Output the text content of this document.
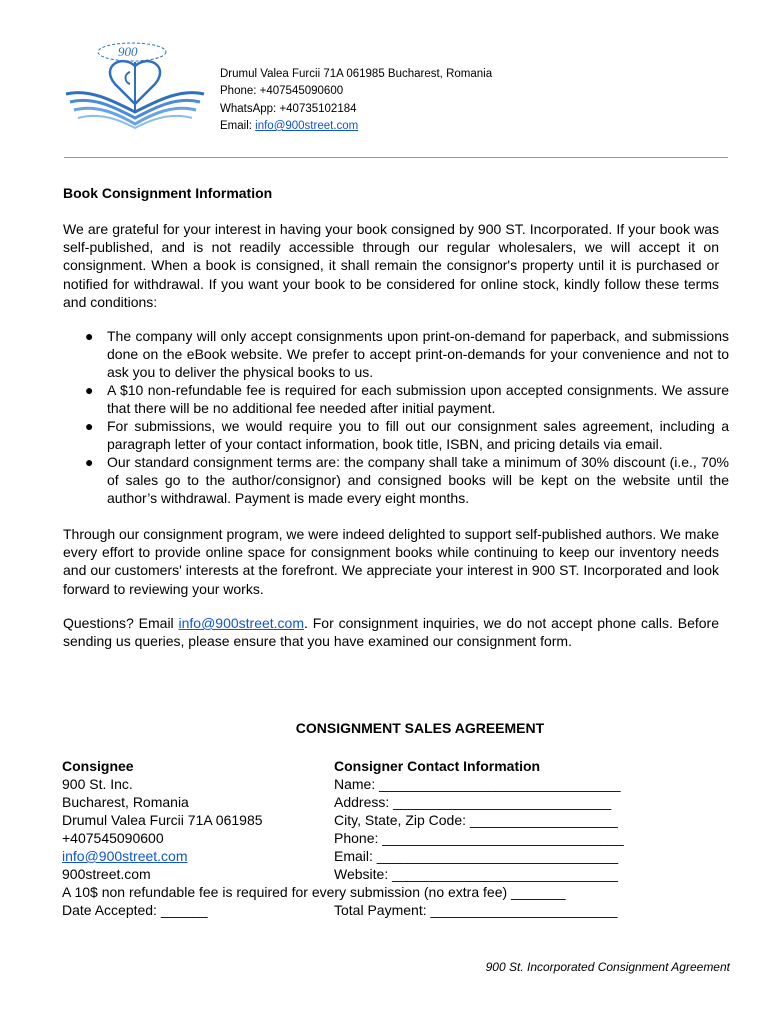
900
Drumul Valea Furcii 71A 061985 Bucharest, Romania
Phone: +407545090600
WhatsApp: +40735102184
Email: info@900street.com
Book Consignment Information

We are grateful for your interest in having your book consigned by 900 ST. Incorporated. If your book was self-published, and is not readily accessible through our regular wholesalers, we will accept it on consignment. When a book is consigned, it shall remain the consignor's property until it is purchased or notified for withdrawal. If you want your book to be considered for online stock, kindly follow these terms and conditions:

● The company will only accept consignments upon print-on-demand for paperback, and submissions done on the eBook website. We prefer to accept print-on-demands for your convenience and not to ask you to deliver the physical books to us.
● A $10 non-refundable fee is required for each submission upon accepted consignments. We assure that there will be no additional fee needed after initial payment.
● For submissions, we would require you to fill out our consignment sales agreement, including a paragraph letter of your contact information, book title, ISBN, and pricing details via email.
● Our standard consignment terms are: the company shall take a minimum of 30% discount (i.e., 70% of sales go to the author/consignor) and consigned books will be kept on the website until the author’s withdrawal. Payment is made every eight months.

Through our consignment program, we were indeed delighted to support self-published authors. We make every effort to provide online space for consignment books while continuing to keep our inventory needs and our customers' interests at the forefront. We appreciate your interest in 900 ST. Incorporated and look forward to reviewing your works.

Questions? Email info@900street.com. For consignment inquiries, we do not accept phone calls. Before sending us queries, please ensure that you have examined our consignment form.

CONSIGNMENT SALES AGREEMENT
Consignee
900 St. Inc.
Bucharest, Romania
Drumul Valea Furcii 71A 061985
+407545090600
info@900street.com
900street.com
Consigner Contact Information
Name: _______________________________
Address: ____________________________
City, State, Zip Code: ___________________
Phone: _______________________________
Email: _______________________________
Website: _____________________________
A 10$ non refundable fee is required for every submission (no extra fee) _______
Date Accepted: ______	Total Payment: ________________________
900 St. Incorporated Consignment Agreement
